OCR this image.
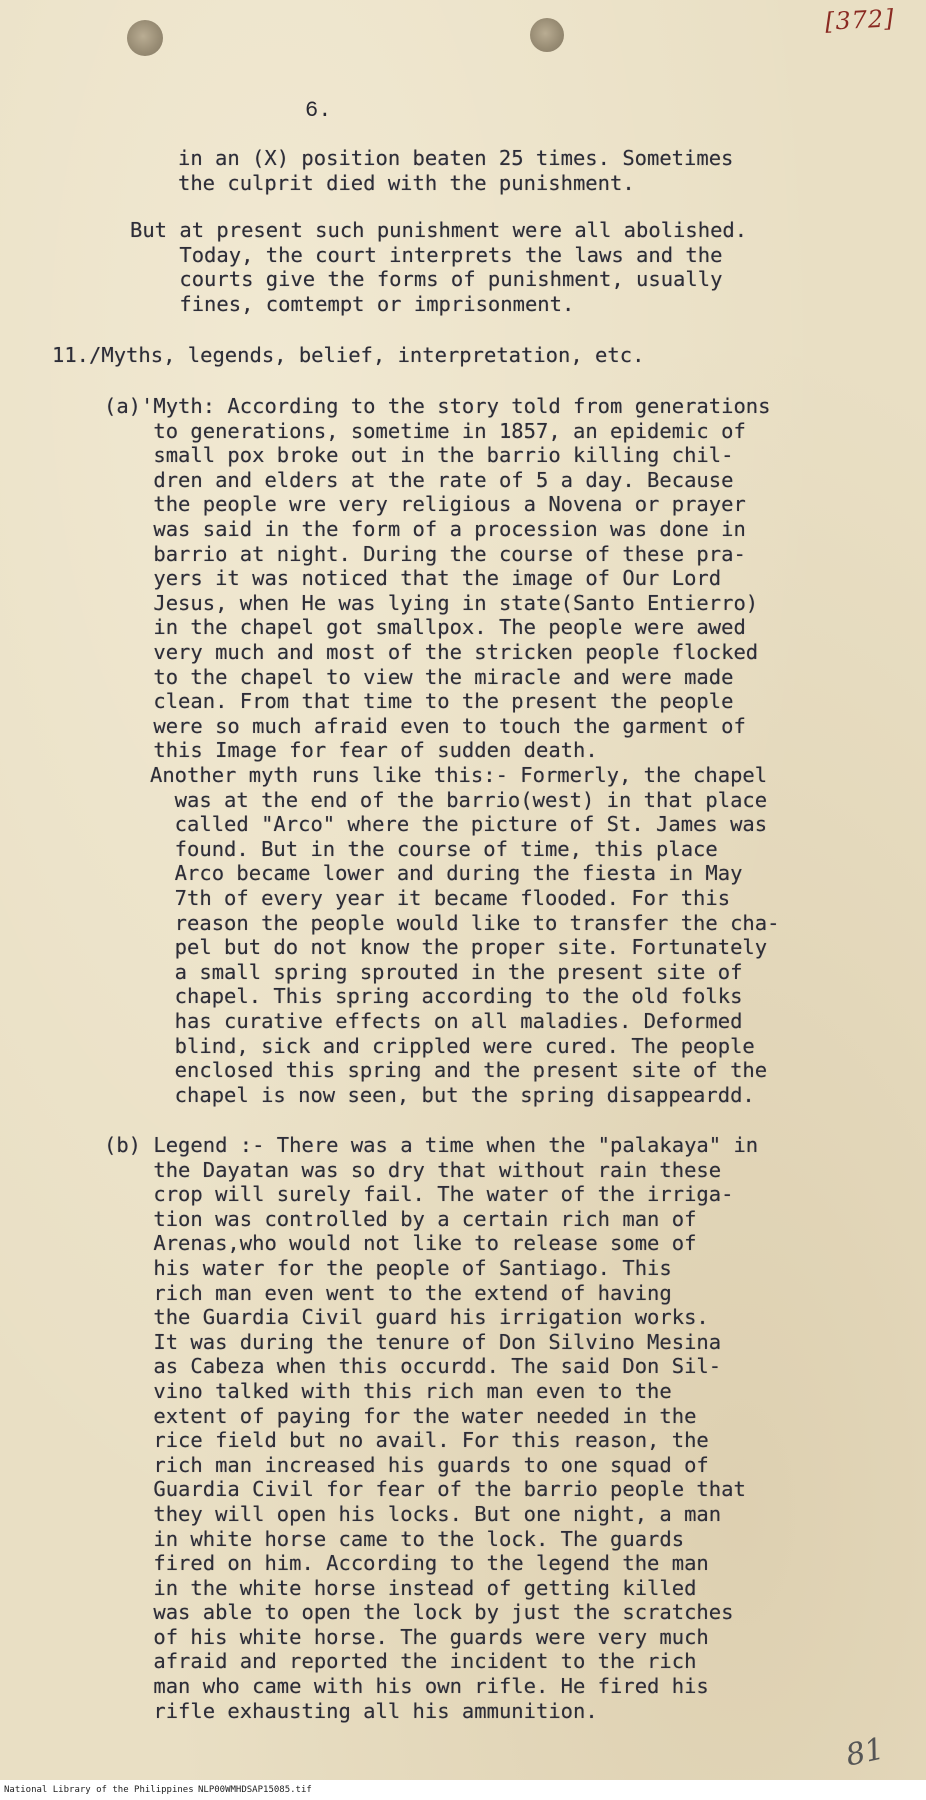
[372]
6.
in an (X) position beaten 25 times. Sometimes
the culprit died with the punishment.
But at present such punishment were all abolished.
Today, the court interprets the laws and the
courts give the forms of punishment, usually
fines, comtempt or imprisonment.
11./Myths, legends, belief, interpretation, etc.
(a)'Myth: According to the story told from generations
to generations, sometime in 1857, an epidemic of
small pox broke out in the barrio killing chil-
dren and elders at the rate of 5 a day. Because
the people wre very religious a Novena or prayer
was said in the form of a procession was done in
barrio at night. During the course of these pra-
yers it was noticed that the image of Our Lord
Jesus, when He was lying in state(Santo Entierro)
in the chapel got smallpox. The people were awed
very much and most of the stricken people flocked
to the chapel to view the miracle and were made
clean. From that time to the present the people
were so much afraid even to touch the garment of
this Image for fear of sudden death.
Another myth runs like this:- Formerly, the chapel
was at the end of the barrio(west) in that place
called "Arco" where the picture of St. James was
found. But in the course of time, this place
Arco became lower and during the fiesta in May
7th of every year it became flooded. For this
reason the people would like to transfer the cha-
pel but do not know the proper site. Fortunately
a small spring sprouted in the present site of
chapel. This spring according to the old folks
has curative effects on all maladies. Deformed
blind, sick and crippled were cured. The people
enclosed this spring and the present site of the
chapel is now seen, but the spring disappeardd.
(b) Legend :- There was a time when the "palakaya" in
the Dayatan was so dry that without rain these
crop will surely fail. The water of the irriga-
tion was controlled by a certain rich man of
Arenas,who would not like to release some of
his water for the people of Santiago. This
rich man even went to the extend of having
the Guardia Civil guard his irrigation works.
It was during the tenure of Don Silvino Mesina
as Cabeza when this occurdd. The said Don Sil-
vino talked with this rich man even to the
extent of paying for the water needed in the
rice field but no avail. For this reason, the
rich man increased his guards to one squad of
Guardia Civil for fear of the barrio people that
they will open his locks. But one night, a man
in white horse came to the lock. The guards
fired on him. According to the legend the man
in the white horse instead of getting killed
was able to open the lock by just the scratches
of his white horse. The guards were very much
afraid and reported the incident to the rich
man who came with his own rifle. He fired his
rifle exhausting all his ammunition.
81
National Library of the Philippines NLP00WMHDSAP15085.tif
